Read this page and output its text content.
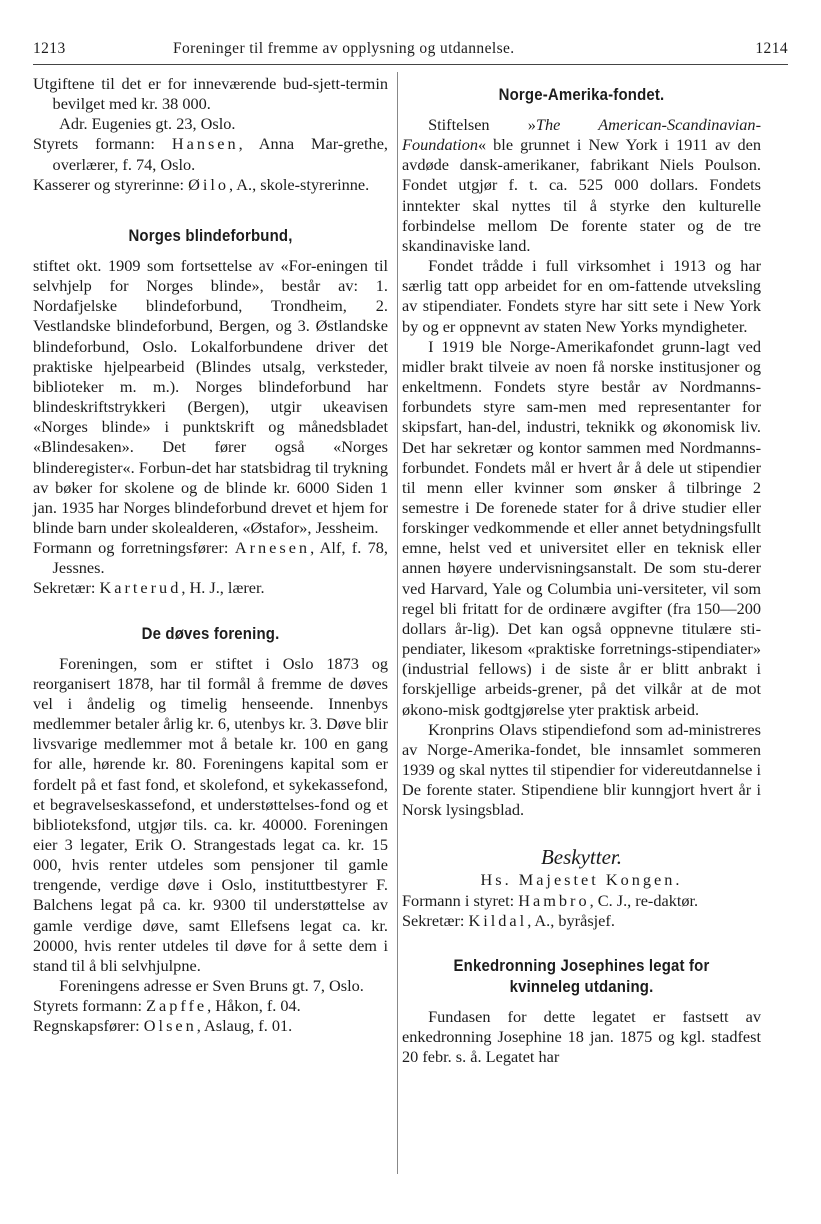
1213	Foreninger til fremme av opplysning og utdannelse.	1214

Utgiftene til det er for inneværende bud-sjett-termin bevilget med kr. 38 000.

Adr. Eugenies gt. 23, Oslo.

Styrets formann: Hansen, Anna Mar-grethe, overlærer, f. 74, Oslo.

Kasserer og styrerinne: Øilo, A., skole-styrerinne.

Norges blindeforbund,

stiftet okt. 1909 som fortsettelse av «For-eningen til selvhjelp for Norges blinde», består av: 1. Nordafjelske blindeforbund, Trondheim, 2. Vestlandske blindeforbund, Bergen, og 3. Østlandske blindeforbund, Oslo. Lokalforbundene driver det praktiske hjelpearbeid (Blindes utsalg, verksteder, biblioteker m. m.). Norges blindeforbund har blindeskriftstrykkeri (Bergen), utgir ukeavisen «Norges blinde» i punktskrift og månedsbladet «Blindesaken». Det fører også «Norges blinderegister«. Forbun-det har statsbidrag til trykning av bøker for skolene og de blinde kr. 6000 Siden 1 jan. 1935 har Norges blindeforbund drevet et hjem for blinde barn under skolealderen, «Østafor», Jessheim.

Formann og forretningsfører: Arnesen, Alf, f. 78, Jessnes.

Sekretær: Karterud, H. J., lærer.

De døves forening.

Foreningen, som er stiftet i Oslo 1873 og reorganisert 1878, har til formål å fremme de døves vel i åndelig og timelig henseende. Innenbys medlemmer betaler årlig kr. 6, utenbys kr. 3. Døve blir livsvarige medlemmer mot å betale kr. 100 en gang for alle, hørende kr. 80. Foreningens kapital som er fordelt på et fast fond, et skolefond, et sykekassefond, et begravelseskassefond, et understøttelses-fond og et biblioteksfond, utgjør tils. ca. kr. 40000. Foreningen eier 3 legater, Erik O. Strangestads legat ca. kr. 15 000, hvis renter utdeles som pensjoner til gamle trengende, verdige døve i Oslo, instituttbestyrer F. Balchens legat på ca. kr. 9300 til understøttelse av gamle verdige døve, samt Ellefsens legat ca. kr. 20000, hvis renter utdeles til døve for å sette dem i stand til å bli selvhjulpne.

Foreningens adresse er Sven Bruns gt. 7, Oslo.

Styrets formann: Zapffe, Håkon, f. 04.

Regnskapsfører: Olsen, Aslaug, f. 01.

Norge-Amerika-fondet.

Stiftelsen »The American-Scandinavian-Foundation« ble grunnet i New York i 1911 av den avdøde dansk-amerikaner, fabrikant Niels Poulson. Fondet utgjør f. t. ca. 525 000 dollars. Fondets inntekter skal nyttes til å styrke den kulturelle forbindelse mellom De forente stater og de tre skandinaviske land.

Fondet trådde i full virksomhet i 1913 og har særlig tatt opp arbeidet for en om-fattende utveksling av stipendiater. Fondets styre har sitt sete i New York by og er oppnevnt av staten New Yorks myndigheter.

I 1919 ble Norge-Amerikafondet grunn-lagt ved midler brakt tilveie av noen få norske institusjoner og enkeltmenn. Fondets styre består av Nordmanns-forbundets styre sam-men med representanter for skipsfart, han-del, industri, teknikk og økonomisk liv. Det har sekretær og kontor sammen med Nordmanns-forbundet. Fondets mål er hvert år å dele ut stipendier til menn eller kvinner som ønsker å tilbringe 2 semestre i De forenede stater for å drive studier eller forskinger vedkommende et eller annet betydningsfullt emne, helst ved et universitet eller en teknisk eller annen høyere undervisningsanstalt. De som stu-derer ved Harvard, Yale og Columbia uni-versiteter, vil som regel bli fritatt for de ordinære avgifter (fra 150—200 dollars år-lig). Det kan også oppnevne titulære sti-pendiater, likesom «praktiske forretnings-stipendiater» (industrial fellows) i de siste år er blitt anbrakt i forskjellige arbeids-grener, på det vilkår at de mot økono-misk godtgjørelse yter praktisk arbeid.

Kronprins Olavs stipendiefond som ad-ministreres av Norge-Amerika-fondet, ble innsamlet sommeren 1939 og skal nyttes til stipendier for videreutdannelse i De forente stater. Stipendiene blir kunngjort hvert år i Norsk lysingsblad.

Beskytter.

Hs. Majestet Kongen.

Formann i styret: Hambro, C. J., re-daktør.

Sekretær: Kildal, A., byråsjef.

Enkedronning Josephines legat for kvinneleg utdaning.

Fundasen for dette legatet er fastsett av enkedronning Josephine 18 jan. 1875 og kgl. stadfest 20 febr. s. å. Legatet har
